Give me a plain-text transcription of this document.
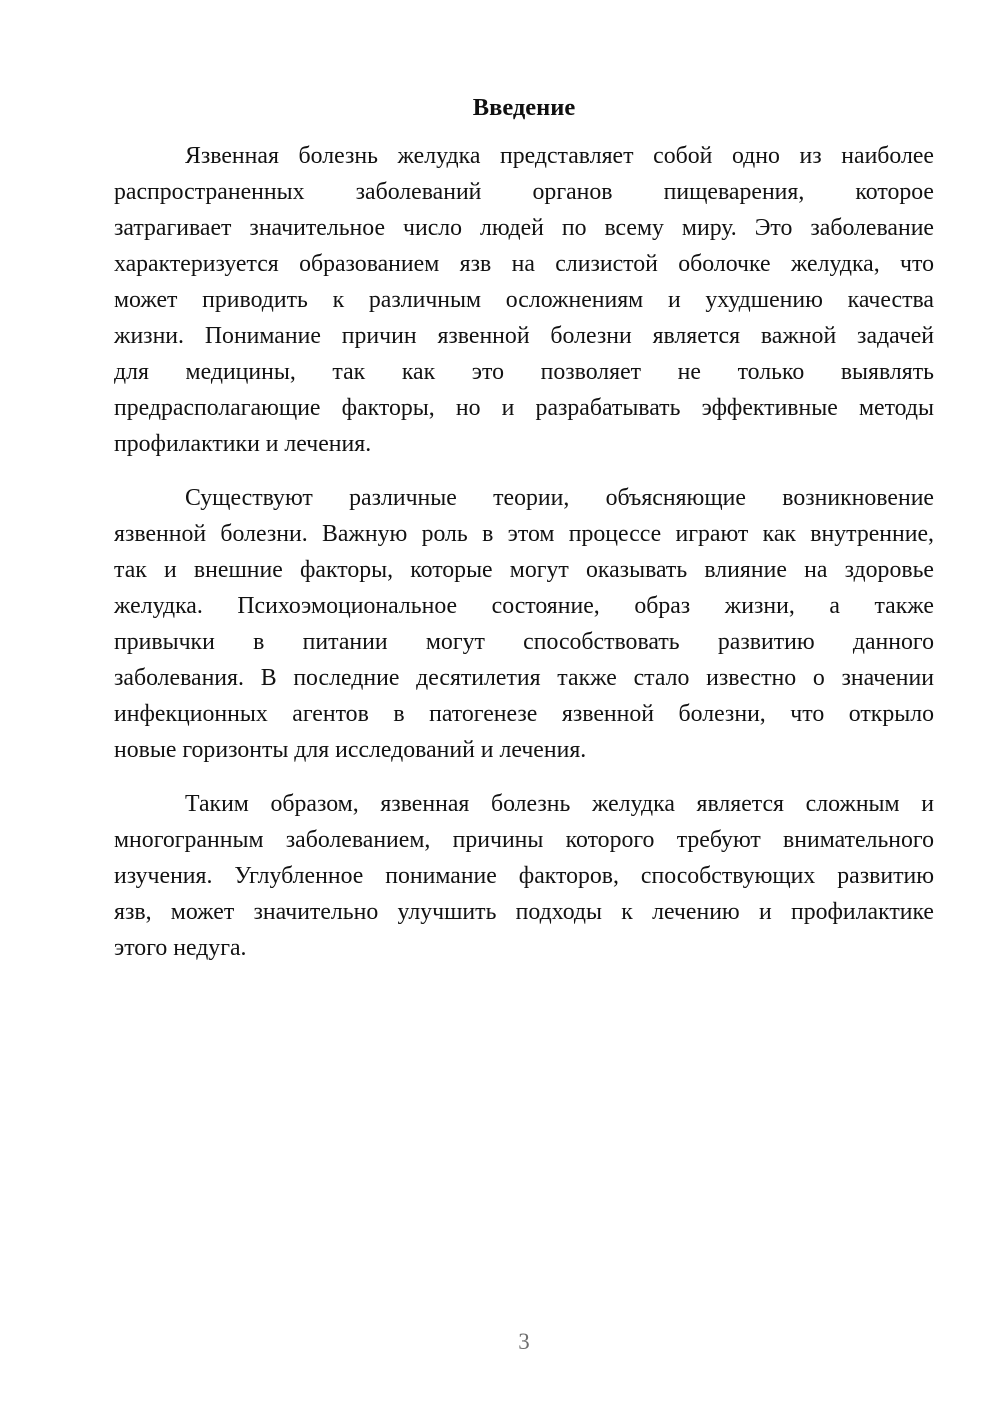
Введение
Язвенная болезнь желудка представляет собой одно из наиболее
распространенных заболеваний органов пищеварения, которое
затрагивает значительное число людей по всему миру. Это заболевание
характеризуется образованием язв на слизистой оболочке желудка, что
может приводить к различным осложнениям и ухудшению качества
жизни. Понимание причин язвенной болезни является важной задачей
для медицины, так как это позволяет не только выявлять
предрасполагающие факторы, но и разрабатывать эффективные методы
профилактики и лечения.
Существуют различные теории, объясняющие возникновение
язвенной болезни. Важную роль в этом процессе играют как внутренние,
так и внешние факторы, которые могут оказывать влияние на здоровье
желудка. Психоэмоциональное состояние, образ жизни, а также
привычки в питании могут способствовать развитию данного
заболевания. В последние десятилетия также стало известно о значении
инфекционных агентов в патогенезе язвенной болезни, что открыло
новые горизонты для исследований и лечения.
Таким образом, язвенная болезнь желудка является сложным и
многогранным заболеванием, причины которого требуют внимательного
изучения. Углубленное понимание факторов, способствующих развитию
язв, может значительно улучшить подходы к лечению и профилактике
этого недуга.
3
